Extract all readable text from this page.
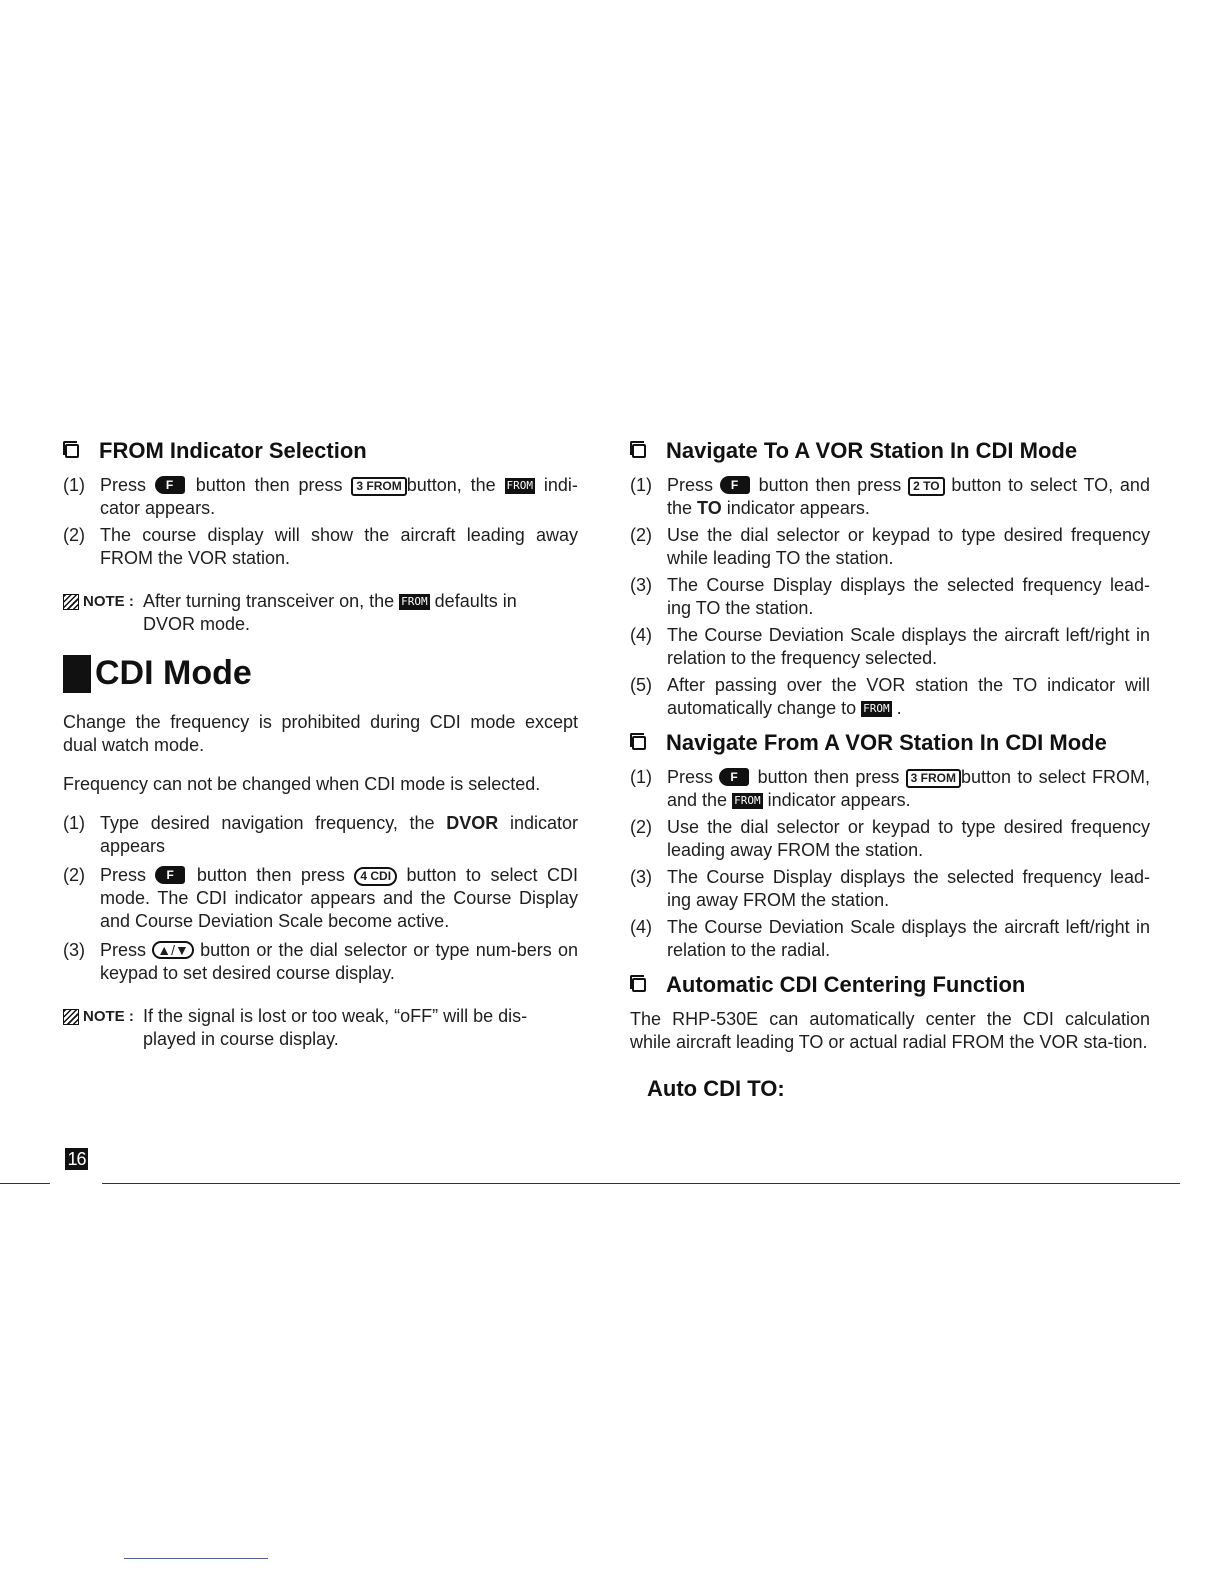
FROM Indicator Selection
(1) Press F	button then press 3 FROM button, the FROM indi-cator appears.
(2) The course display will show the aircraft leading away FROM the VOR station.
NOTE : After turning transceiver on, the FROM defaults in
DVOR mode.
CDI Mode

Change the frequency is prohibited during CDI mode except dual watch mode.

Frequency can not be changed when CDI mode is selected.

(1) Type desired navigation frequency, the DVOR indicator appears
(2) Press F	button then press 4 CDI button to select CDI mode. The CDI indicator appears and the Course Display and Course Deviation Scale become active.
(3) Press ▲/▼ button or the dial selector or type num-bers on keypad to set desired course display.
NOTE : If the signal is lost or too weak, “oFF” will be dis-
played in course display.
Navigate To A VOR Station In CDI Mode
(1) Press F	button then press 2 TO button to select TO, and the TO indicator appears.
(2) Use the dial selector or keypad to type desired frequency while leading TO the station.
(3) The Course Display displays the selected frequency lead-ing TO the station.
(4) The Course Deviation Scale displays the aircraft left/right in relation to the frequency selected.
(5) After passing over the VOR station the TO indicator will automatically change to FROM .
Navigate From A VOR Station In CDI Mode
(1) Press F button then press 3 FROM button to select FROM, and the FROM indicator appears.
(2) Use the dial selector or keypad to type desired frequency leading away FROM the station.
(3) The Course Display displays the selected frequency lead-ing away FROM the station.
(4) The Course Deviation Scale displays the aircraft left/right in relation to the radial.
Automatic CDI Centering Function

The RHP-530E can automatically center the CDI calculation while aircraft leading TO or actual radial FROM the VOR sta-tion.

Auto CDI TO:
16
